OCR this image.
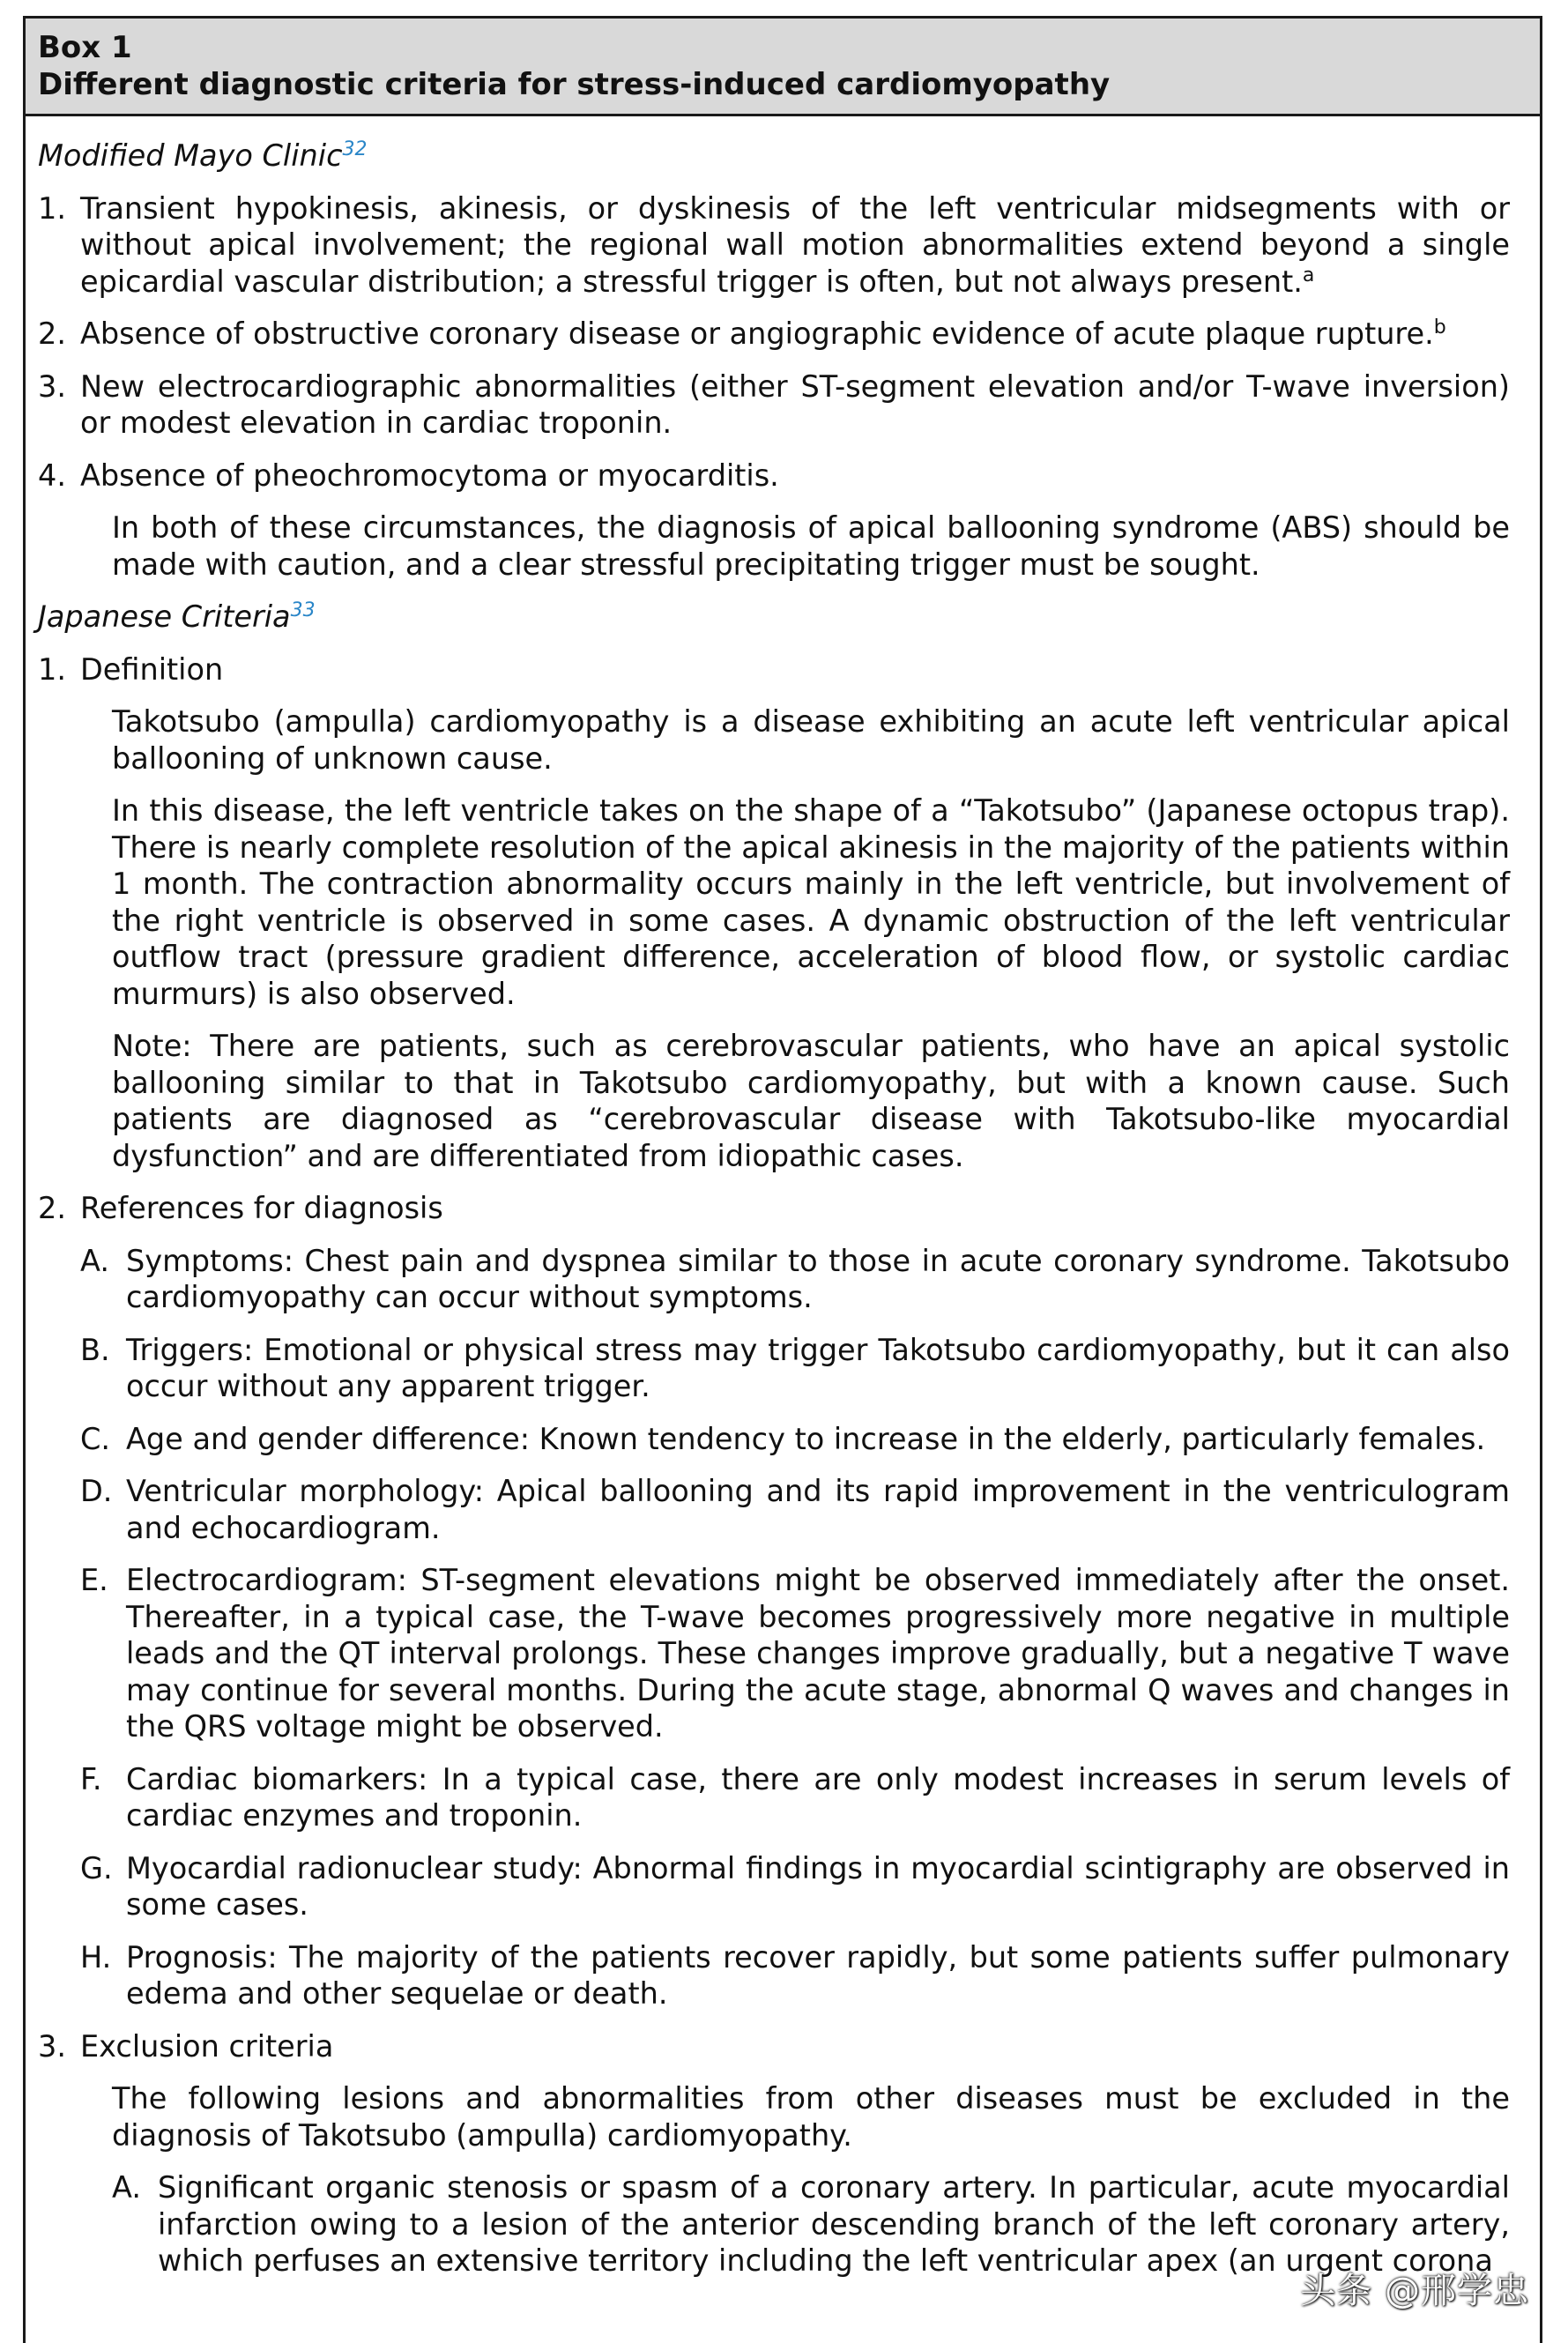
Box 1
Different diagnostic criteria for stress-induced cardiomyopathy
Modified Mayo Clinic$^{32}$
1. Transient hypokinesis, akinesis, or dyskinesis of the left ventricular midsegments with or without apical involvement; the regional wall motion abnormalities extend beyond a single epicardial vascular distribution; a stressful trigger is often, but not always present.$^a$
2. Absence of obstructive coronary disease or angiographic evidence of acute plaque rupture.$^b$
3. New electrocardiographic abnormalities (either ST-segment elevation and/or T-wave inversion) or modest elevation in cardiac troponin.
4. Absence of pheochromocytoma or myocarditis.
In both of these circumstances, the diagnosis of apical ballooning syndrome (ABS) should be made with caution, and a clear stressful precipitating trigger must be sought.
Japanese Criteria$^{33}$
1. Definition
Takotsubo (ampulla) cardiomyopathy is a disease exhibiting an acute left ventricular apical ballooning of unknown cause.
In this disease, the left ventricle takes on the shape of a “Takotsubo” (Japanese octopus trap). There is nearly complete resolution of the apical akinesis in the majority of the patients within 1 month. The contraction abnormality occurs mainly in the left ventricle, but involvement of the right ventricle is observed in some cases. A dynamic obstruction of the left ventricular outflow tract (pressure gradient difference, acceleration of blood flow, or systolic cardiac murmurs) is also observed.
Note: There are patients, such as cerebrovascular patients, who have an apical systolic ballooning similar to that in Takotsubo cardiomyopathy, but with a known cause. Such patients are diagnosed as “cerebrovascular disease with Takotsubo-like myocardial dysfunction” and are differentiated from idiopathic cases.
2. References for diagnosis
A. Symptoms: Chest pain and dyspnea similar to those in acute coronary syndrome. Takotsubo cardiomyopathy can occur without symptoms.
B. Triggers: Emotional or physical stress may trigger Takotsubo cardiomyopathy, but it can also occur without any apparent trigger.
C. Age and gender difference: Known tendency to increase in the elderly, particularly females.
D. Ventricular morphology: Apical ballooning and its rapid improvement in the ventriculogram and echocardiogram.
E. Electrocardiogram: ST-segment elevations might be observed immediately after the onset. Thereafter, in a typical case, the T-wave becomes progressively more negative in multiple leads and the QT interval prolongs. These changes improve gradually, but a negative T wave may continue for several months. During the acute stage, abnormal Q waves and changes in the QRS voltage might be observed.
F. Cardiac biomarkers: In a typical case, there are only modest increases in serum levels of cardiac enzymes and troponin.
G. Myocardial radionuclear study: Abnormal findings in myocardial scintigraphy are observed in some cases.
H. Prognosis: The majority of the patients recover rapidly, but some patients suffer pulmonary edema and other sequelae or death.
3. Exclusion criteria
The following lesions and abnormalities from other diseases must be excluded in the diagnosis of Takotsubo (ampulla) cardiomyopathy.
A. Significant organic stenosis or spasm of a coronary artery. In particular, acute myocardial infarction owing to a lesion of the anterior descending branch of the left coronary artery, which perfuses an extensive territory including the left ventricular apex (an urgent corona
头条 @邢学忠
